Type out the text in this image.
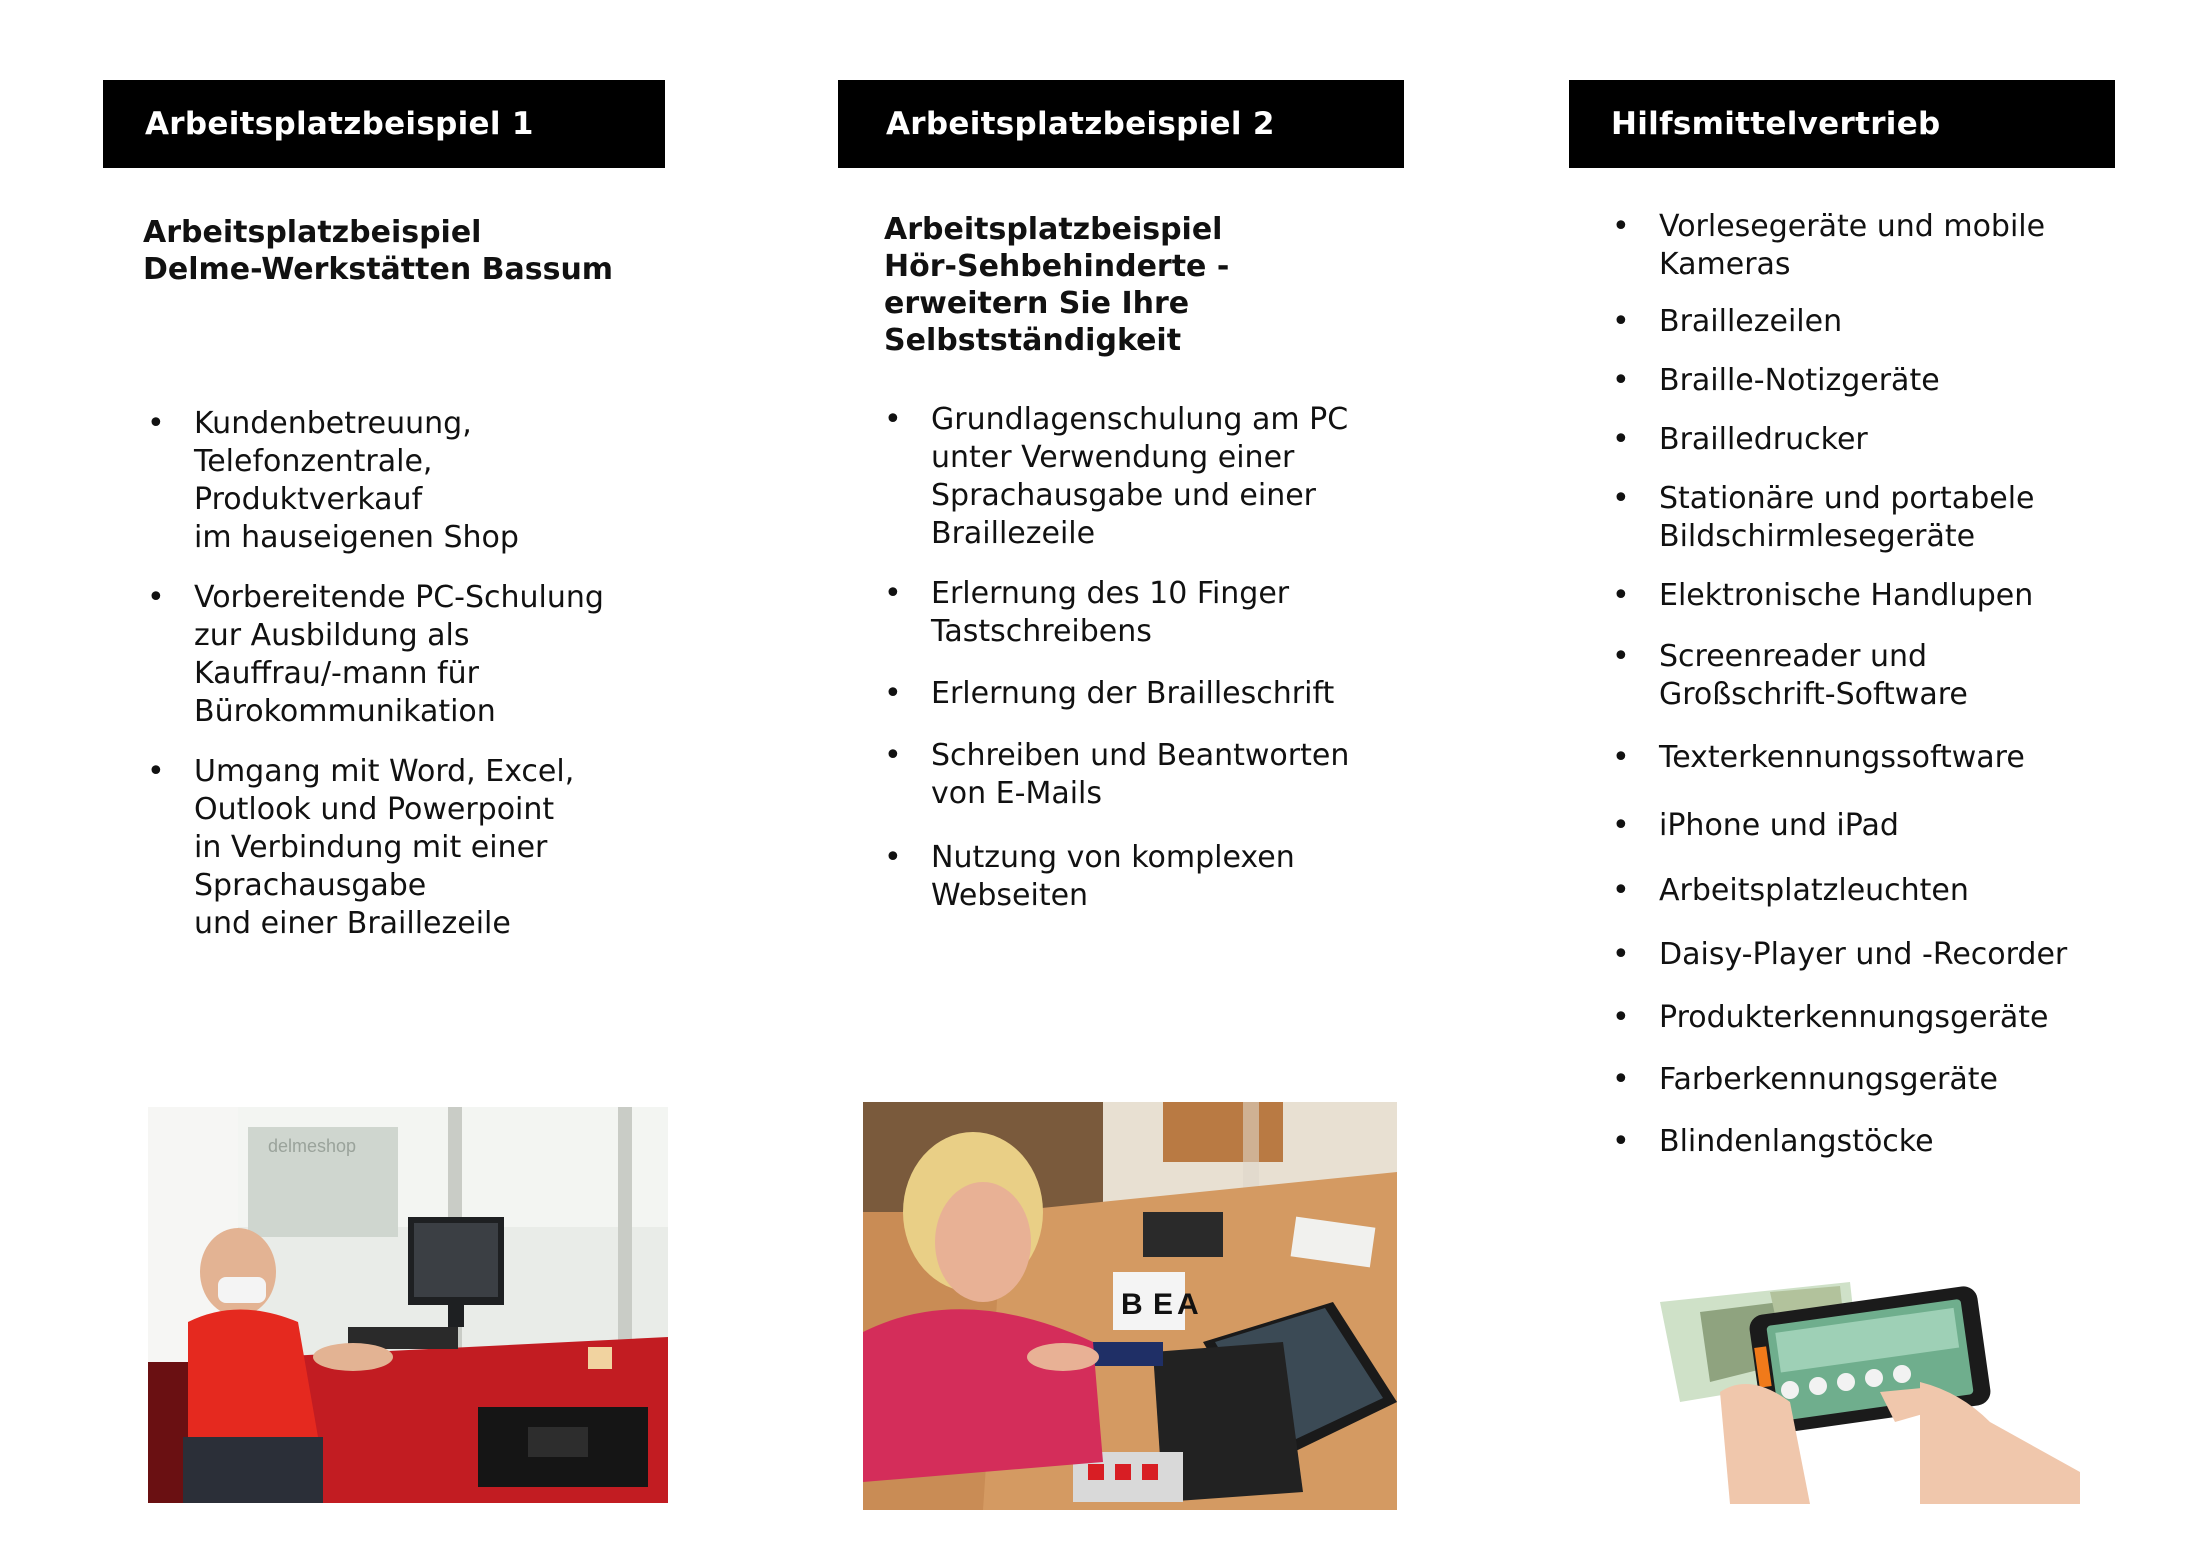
Arbeitsplatzbeispiel 1
Arbeitsplatzbeispiel
Delme-Werkstätten Bassum
• Kundenbetreuung,
Telefonzentrale,
Produktverkauf
im hauseigenen Shop
• Vorbereitende PC-Schulung
zur Ausbildung als
Kauffrau/-mann für
Bürokommunikation
• Umgang mit Word, Excel,
Outlook und Powerpoint
in Verbindung mit einer
Sprachausgabe
und einer Braillezeile
delmeshop
Arbeitsplatzbeispiel 2
Arbeitsplatzbeispiel
Hör-Sehbehinderte -
erweitern Sie Ihre
Selbstständigkeit
• Grundlagenschulung am PC
unter Verwendung einer
Sprachausgabe und einer
Braillezeile
• Erlernung des 10 Finger
Tastschreibens
• Erlernung der Brailleschrift
• Schreiben und Beantworten
von E-Mails
• Nutzung von komplexen
Webseiten
B E A
Hilfsmittelvertrieb
• Vorlesegeräte und mobile
Kameras
• Braillezeilen
• Braille-Notizgeräte
• Brailledrucker
• Stationäre und portabele
Bildschirmlesegeräte
• Elektronische Handlupen
• Screenreader und
Großschrift-Software
• Texterkennungssoftware
• iPhone und iPad
• Arbeitsplatzleuchten
• Daisy-Player und -Recorder
• Produkterkennungsgeräte
• Farberkennungsgeräte
• Blindenlangstöcke
